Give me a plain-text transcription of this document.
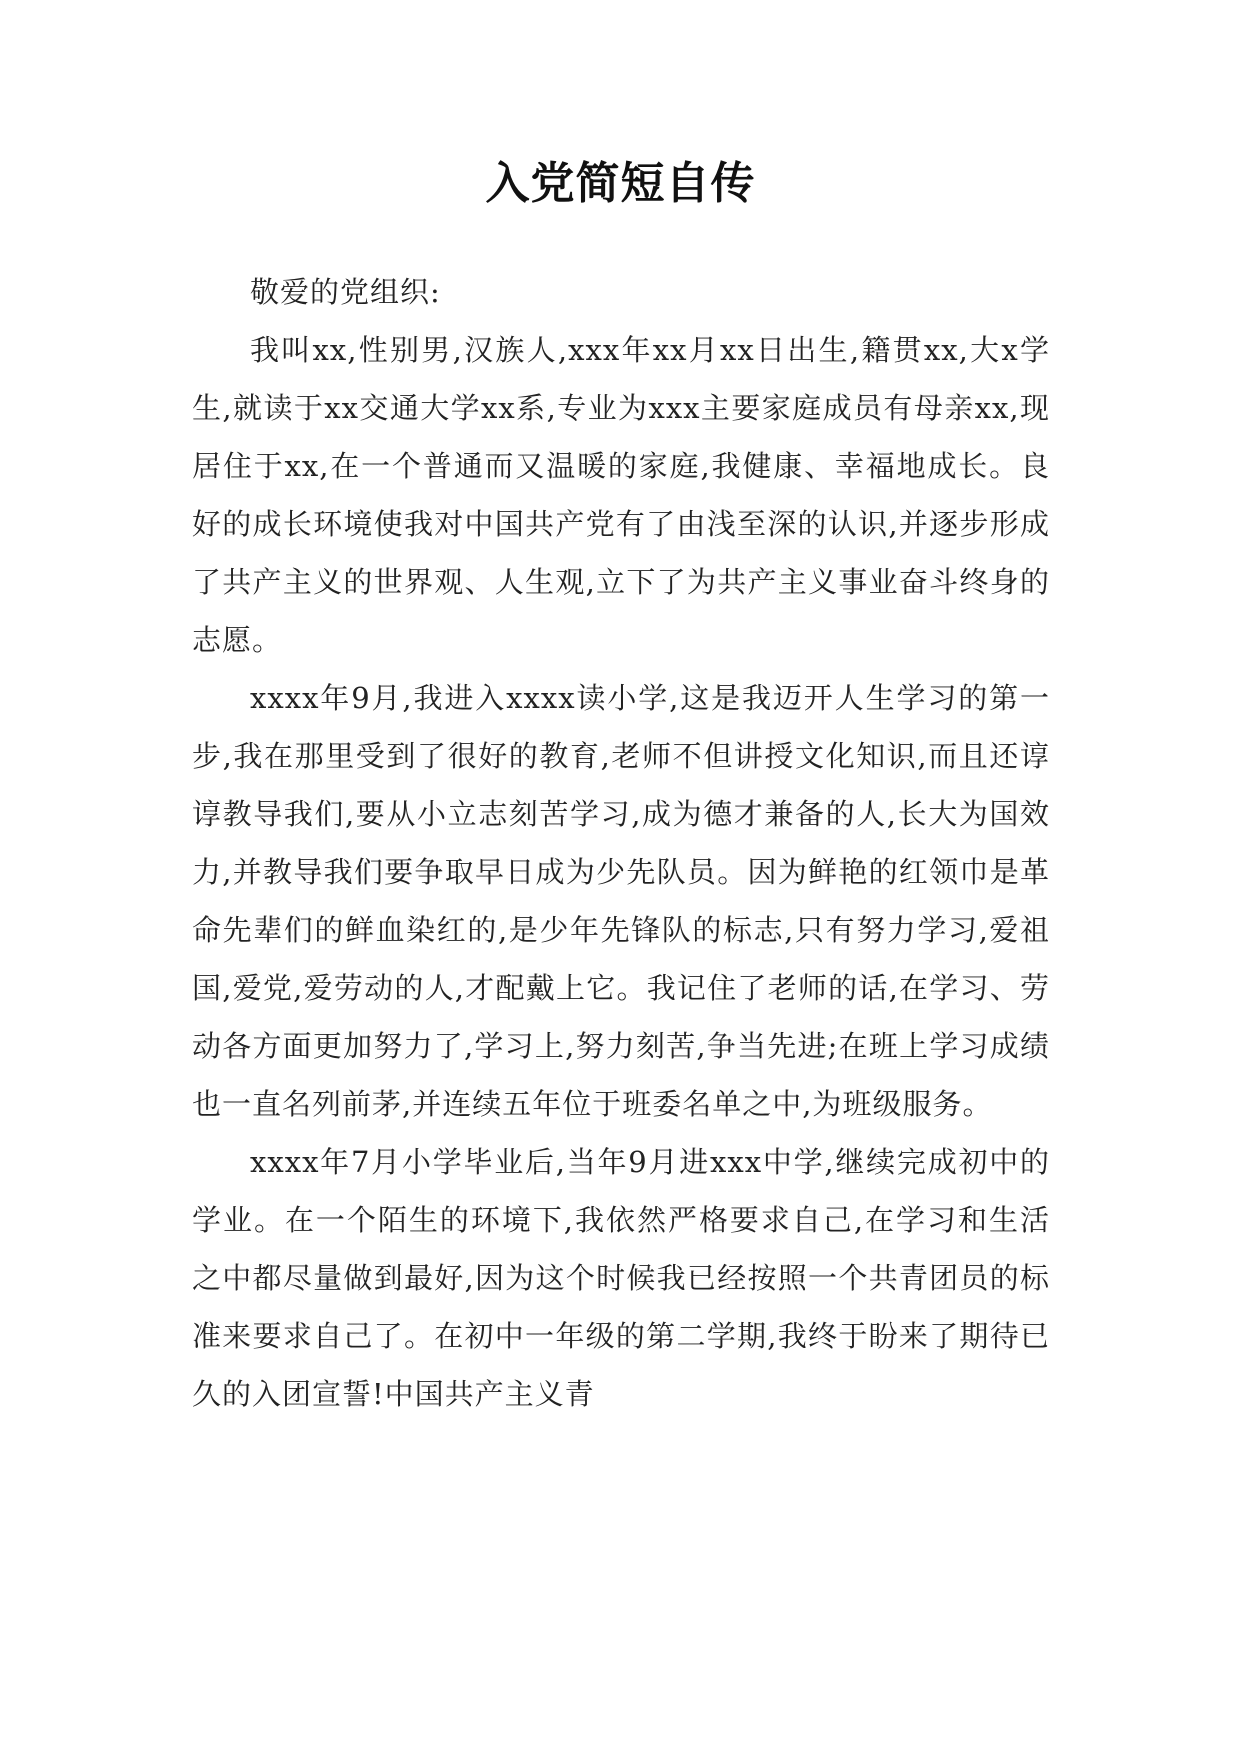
入党简短自传

敬爱的党组织:

我叫xx,性别男,汉族人,xxx年xx月xx日出生,籍贯xx,大x学生,就读于xx交通大学xx系,专业为xxx主要家庭成员有母亲xx,现居住于xx,在一个普通而又温暖的家庭,我健康、幸福地成长。良好的成长环境使我对中国共产党有了由浅至深的认识,并逐步形成了共产主义的世界观、人生观,立下了为共产主义事业奋斗终身的志愿。

xxxx年9月,我进入xxxx读小学,这是我迈开人生学习的第一步,我在那里受到了很好的教育,老师不但讲授文化知识,而且还谆谆教导我们,要从小立志刻苦学习,成为德才兼备的人,长大为国效力,并教导我们要争取早日成为少先队员。因为鲜艳的红领巾是革命先辈们的鲜血染红的,是少年先锋队的标志,只有努力学习,爱祖国,爱党,爱劳动的人,才配戴上它。我记住了老师的话,在学习、劳动各方面更加努力了,学习上,努力刻苦,争当先进;在班上学习成绩也一直名列前茅,并连续五年位于班委名单之中,为班级服务。

xxxx年7月小学毕业后,当年9月进xxx中学,继续完成初中的学业。在一个陌生的环境下,我依然严格要求自己,在学习和生活之中都尽量做到最好,因为这个时候我已经按照一个共青团员的标准来要求自己了。在初中一年级的第二学期,我终于盼来了期待已久的入团宣誓!中国共产主义青
